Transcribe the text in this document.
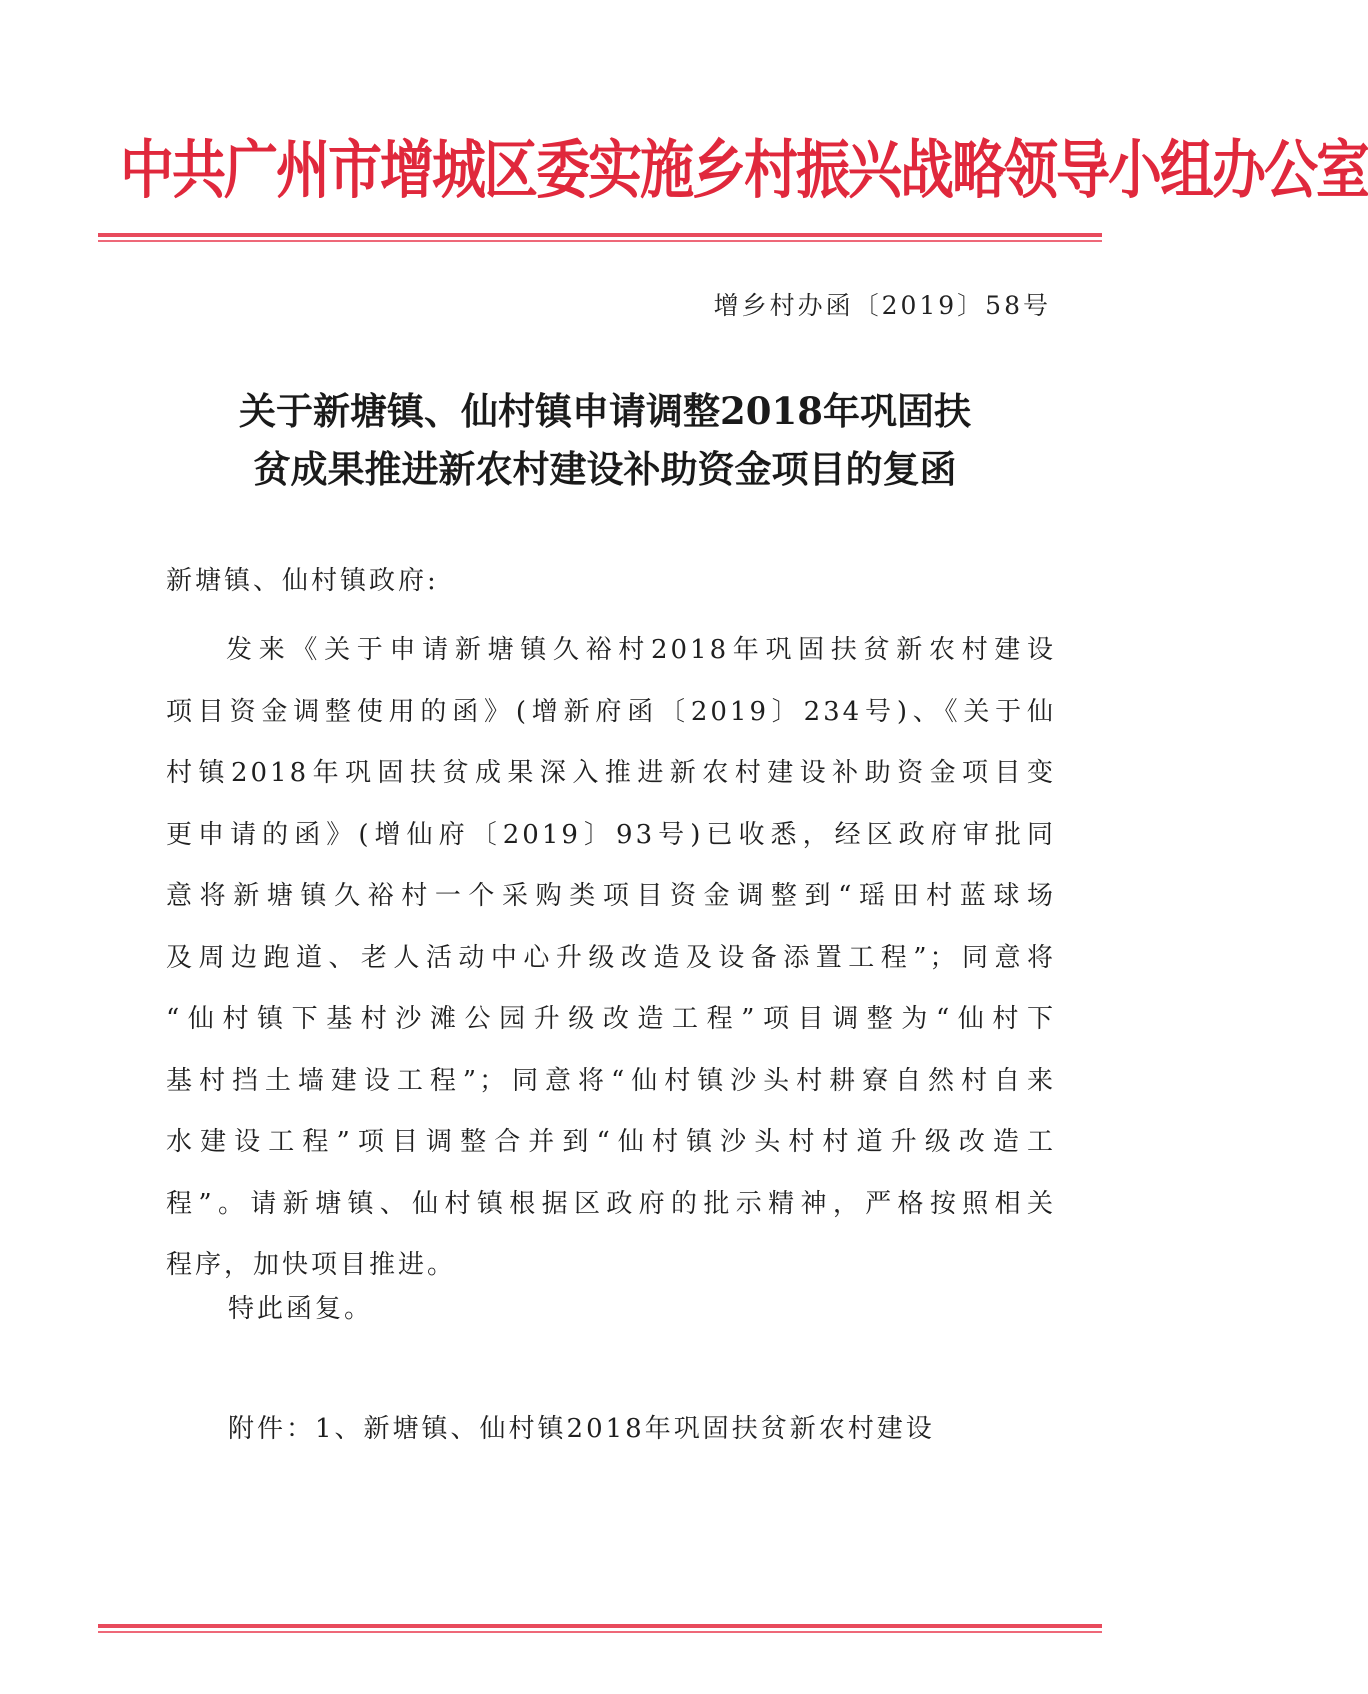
中共广州市增城区委实施乡村振兴战略领导小组办公室
增乡村办函〔2019〕58号
关于新塘镇、仙村镇申请调整2018年巩固扶
贫成果推进新农村建设补助资金项目的复函
新塘镇、仙村镇政府:
发来《关于申请新塘镇久裕村2018年巩固扶贫新农村建设
项目资金调整使用的函》(增新府函〔2019〕234号)、《关于仙
村镇2018年巩固扶贫成果深入推进新农村建设补助资金项目变
更申请的函》(增仙府〔2019〕93号)已收悉，经区政府审批同
意将新塘镇久裕村一个采购类项目资金调整到“瑶田村蓝球场
及周边跑道、老人活动中心升级改造及设备添置工程”；同意将
“仙村镇下基村沙滩公园升级改造工程”项目调整为“仙村下
基村挡土墙建设工程”；同意将“仙村镇沙头村耕寮自然村自来
水建设工程”项目调整合并到“仙村镇沙头村村道升级改造工
程”。请新塘镇、仙村镇根据区政府的批示精神，严格按照相关
程序，加快项目推进。
特此函复。
附件：1、新塘镇、仙村镇2018年巩固扶贫新农村建设
